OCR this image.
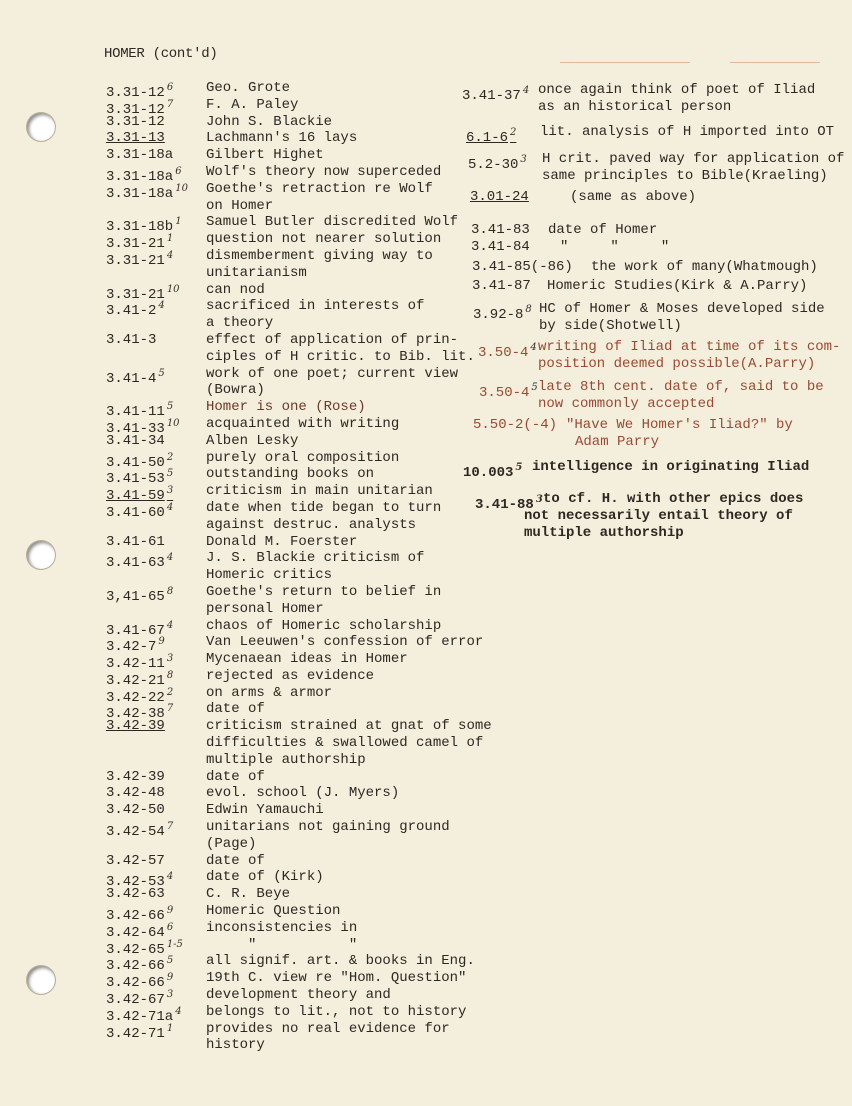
HOMER (cont'd)
3.31-12 $^6$ Geo. Grote
3.31-12 $^7$ F. A. Paley
3.31-12	John S. Blackie
3.31-13	Lachmann's 16 lays
3.31-18a Gilbert Highet
3.31-18a $^6$ Wolf's theory now superceded
3.31-18a $^{10}$ Goethe's retraction re Wolf
on Homer
3.31-18b $^1$ Samuel Butler discredited Wolf
3.31-21 $^1$ question not nearer solution
3.31-21 $^4$ dismemberment giving way to
unitarianism
3.31-21 $^{10}$ can nod
3.41-2 $^4$	sacrificed in interests of
a theory
3.41-3	effect of application of prin-
ciples of H critic. to Bib. lit.
3.41-4 $^5$	work of one poet; current view
(Bowra)
3.41-11 $^5$ Homer is one (Rose)
3.41-33 $^{10}$ acquainted with writing
3.41-34	Alben Lesky
3.41-50 $^2$ purely oral composition
3.41-53 $^5$ outstanding books on
3.41-59 $^3$ criticism in main unitarian
3.41-60 $^4$ date when tide began to turn
against destruc. analysts
3.41-61	Donald M. Foerster
3.41-63 $^4$ J. S. Blackie criticism of
Homeric critics
3,41-65 $^8$ Goethe's return to belief in
personal Homer
3.41-67 $^4$ chaos of Homeric scholarship
3.42-7 $^9$	Van Leeuwen's confession of error
3.42-11 $^3$ Mycenaean ideas in Homer
3.42-21 $^8$ rejected as evidence
3.42-22 $^2$ on arms & armor
3.42-38 $^7$ date of
3.42-39	criticism strained at gnat of some
difficulties & swallowed camel of
multiple authorship
3.42-39	date of
3.42-48	evol. school (J. Myers)
3.42-50	Edwin Yamauchi
3.42-54 $^7$ unitarians not gaining ground
(Page)
3.42-57	date of
3.42-53 $^4$ date of (Kirk)
3.42-63	C. R. Beye
3.42-66 $^9$ Homeric Question
3.42-64 $^6$ inconsistencies in
3.42-65 $^{1-5}$ "           "
3.42-66 $^5$ all signif. art. & books in Eng.
3.42-66 $^9$ 19th C. view re "Hom. Question"
3.42-67 $^3$ development theory and
3.42-71a $^4$ belongs to lit., not to history
3.42-71 $^1$ provides no real evidence for
history
3.41-37 $^4$ once again think of poet of Iliad
as an historical person
6.1-6 $^2$ lit. analysis of H imported into OT
5.2-30 $^3$ H crit. paved way for application of
same principles to Bible(Kraeling)
3.01-24	(same as above)
3.41-83 date of Homer
3.41-84 "     "     "
3.41-85(-86) the work of many(Whatmough)
3.41-87 Homeric Studies(Kirk & A.Parry)
3.92-8 $^8$ HC of Homer & Moses developed side
by side(Shotwell)
3.50-4 $^4$ writing of Iliad at time of its com-
position deemed possible(A.Parry)
3.50-4 $^5$ late 8th cent. date of, said to be
now commonly accepted
5.50-2(-4) "Have We Homer's Iliad?" by
Adam Parry
10.003 $^5$ intelligence in originating Iliad
3.41-88 $^3$ to cf. H. with other epics does
not necessarily entail theory of
multiple authorship
